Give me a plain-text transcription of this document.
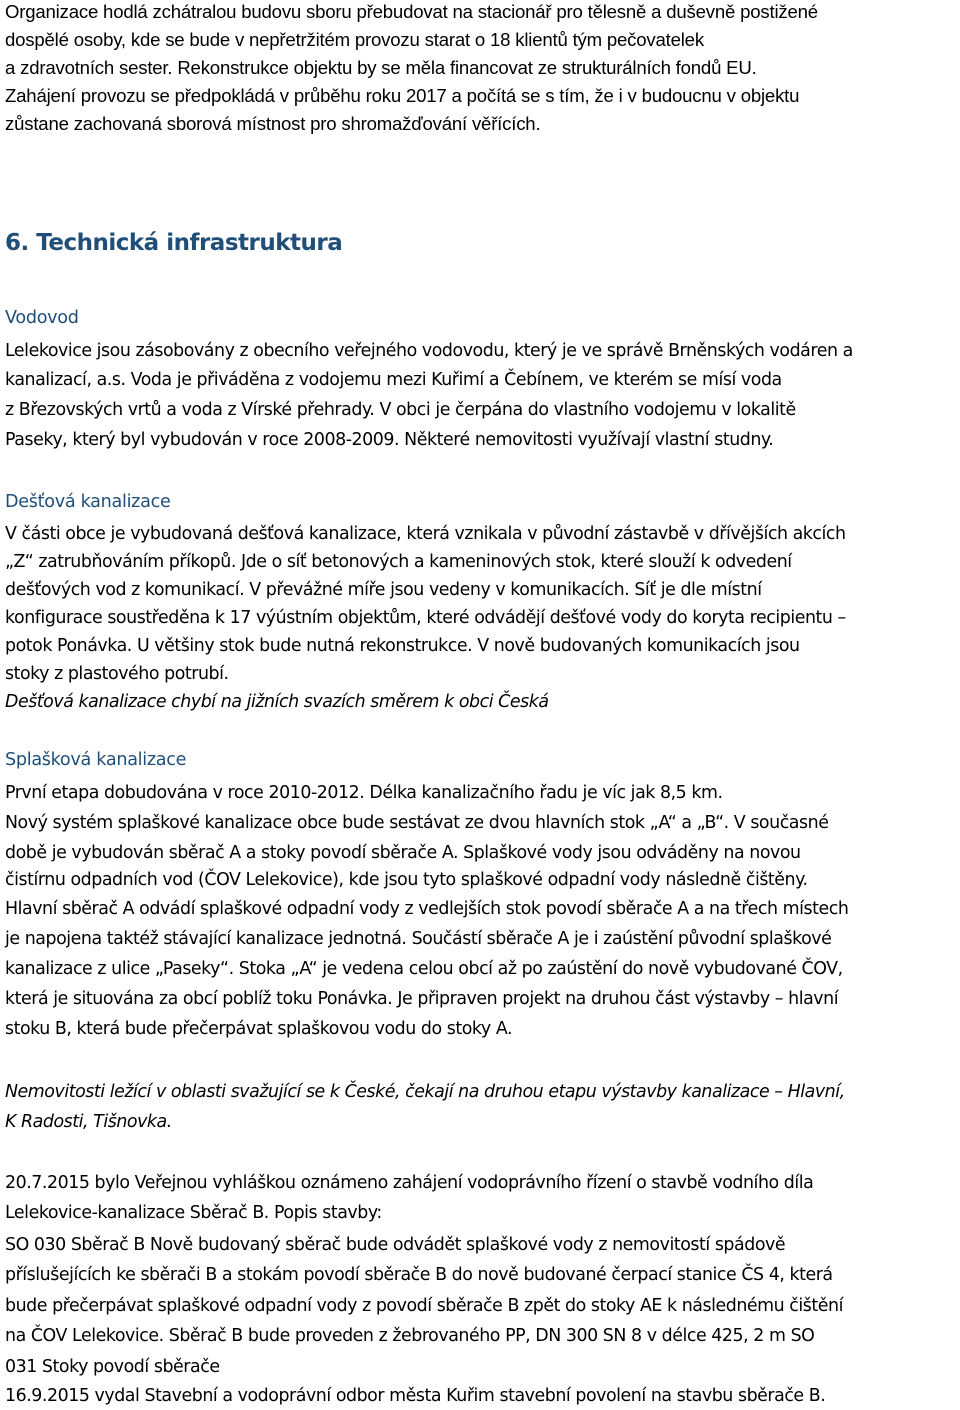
Organizace hodlá zchátralou budovu sboru přebudovat na stacionář pro tělesně a duševně postižené
dospělé osoby, kde se bude v nepřetržitém provozu starat o 18 klientů tým pečovatelek
a zdravotních sester. Rekonstrukce objektu by se měla financovat ze strukturálních fondů EU.
Zahájení provozu se předpokládá v průběhu roku 2017 a počítá se s tím, že i v budoucnu v objektu
zůstane zachovaná sborová místnost pro shromažďování věřících.
6. Technická infrastruktura
Vodovod
Lelekovice jsou zásobovány z obecního veřejného vodovodu, který je ve správě Brněnských vodáren a
kanalizací, a.s. Voda je přiváděna z vodojemu mezi Kuřimí a Čebínem, ve kterém se mísí voda
z Březovských vrtů a voda z Vírské přehrady. V obci je čerpána do vlastního vodojemu v lokalitě
Paseky, který byl vybudován v roce 2008-2009. Některé nemovitosti využívají vlastní studny.
Dešťová kanalizace
V části obce je vybudovaná dešťová kanalizace, která vznikala v původní zástavbě v dřívějších akcích
„Z“ zatrubňováním příkopů. Jde o síť betonových a kameninových stok, které slouží k odvedení
dešťových vod z komunikací. V převážné míře jsou vedeny v komunikacích. Síť je dle místní
konfigurace soustředěna k 17 výústním objektům, které odvádějí dešťové vody do koryta recipientu –
potok Ponávka. U většiny stok bude nutná rekonstrukce. V nově budovaných komunikacích jsou
stoky z plastového potrubí.
Dešťová kanalizace chybí na jižních svazích směrem k obci Česká
Splašková kanalizace
První etapa dobudována v roce 2010-2012. Délka kanalizačního řadu je víc jak 8,5 km.
Nový systém splaškové kanalizace obce bude sestávat ze dvou hlavních stok „A“ a „B“. V současné
době je vybudován sběrač A a stoky povodí sběrače A. Splaškové vody jsou odváděny na novou
čistírnu odpadních vod (ČOV Lelekovice), kde jsou tyto splaškové odpadní vody následně čištěny.
Hlavní sběrač A odvádí splaškové odpadní vody z vedlejších stok povodí sběrače A a na třech místech
je napojena taktéž stávající kanalizace jednotná. Součástí sběrače A je i zaústění původní splaškové
kanalizace z ulice „Paseky“. Stoka „A“ je vedena celou obcí až po zaústění do nově vybudované ČOV,
která je situována za obcí poblíž toku Ponávka. Je připraven projekt na druhou část výstavby – hlavní
stoku B, která bude přečerpávat splaškovou vodu do stoky A.
Nemovitosti ležící v oblasti svažující se k České, čekají na druhou etapu výstavby kanalizace – Hlavní,
K Radosti, Tišnovka.
20.7.2015 bylo Veřejnou vyhláškou oznámeno zahájení vodoprávního řízení o stavbě vodního díla
Lelekovice-kanalizace Sběrač B. Popis stavby:
SO 030 Sběrač B Nově budovaný sběrač bude odvádět splaškové vody z nemovitostí spádově
příslušejících ke sběrači B a stokám povodí sběrače B do nově budované čerpací stanice ČS 4, která
bude přečerpávat splaškové odpadní vody z povodí sběrače B zpět do stoky AE k následnému čištění
na ČOV Lelekovice. Sběrač B bude proveden z žebrovaného PP, DN 300 SN 8 v délce 425, 2 m SO
031 Stoky povodí sběrače
16.9.2015 vydal Stavební a vodoprávní odbor města Kuřim stavební povolení na stavbu sběrače B.
